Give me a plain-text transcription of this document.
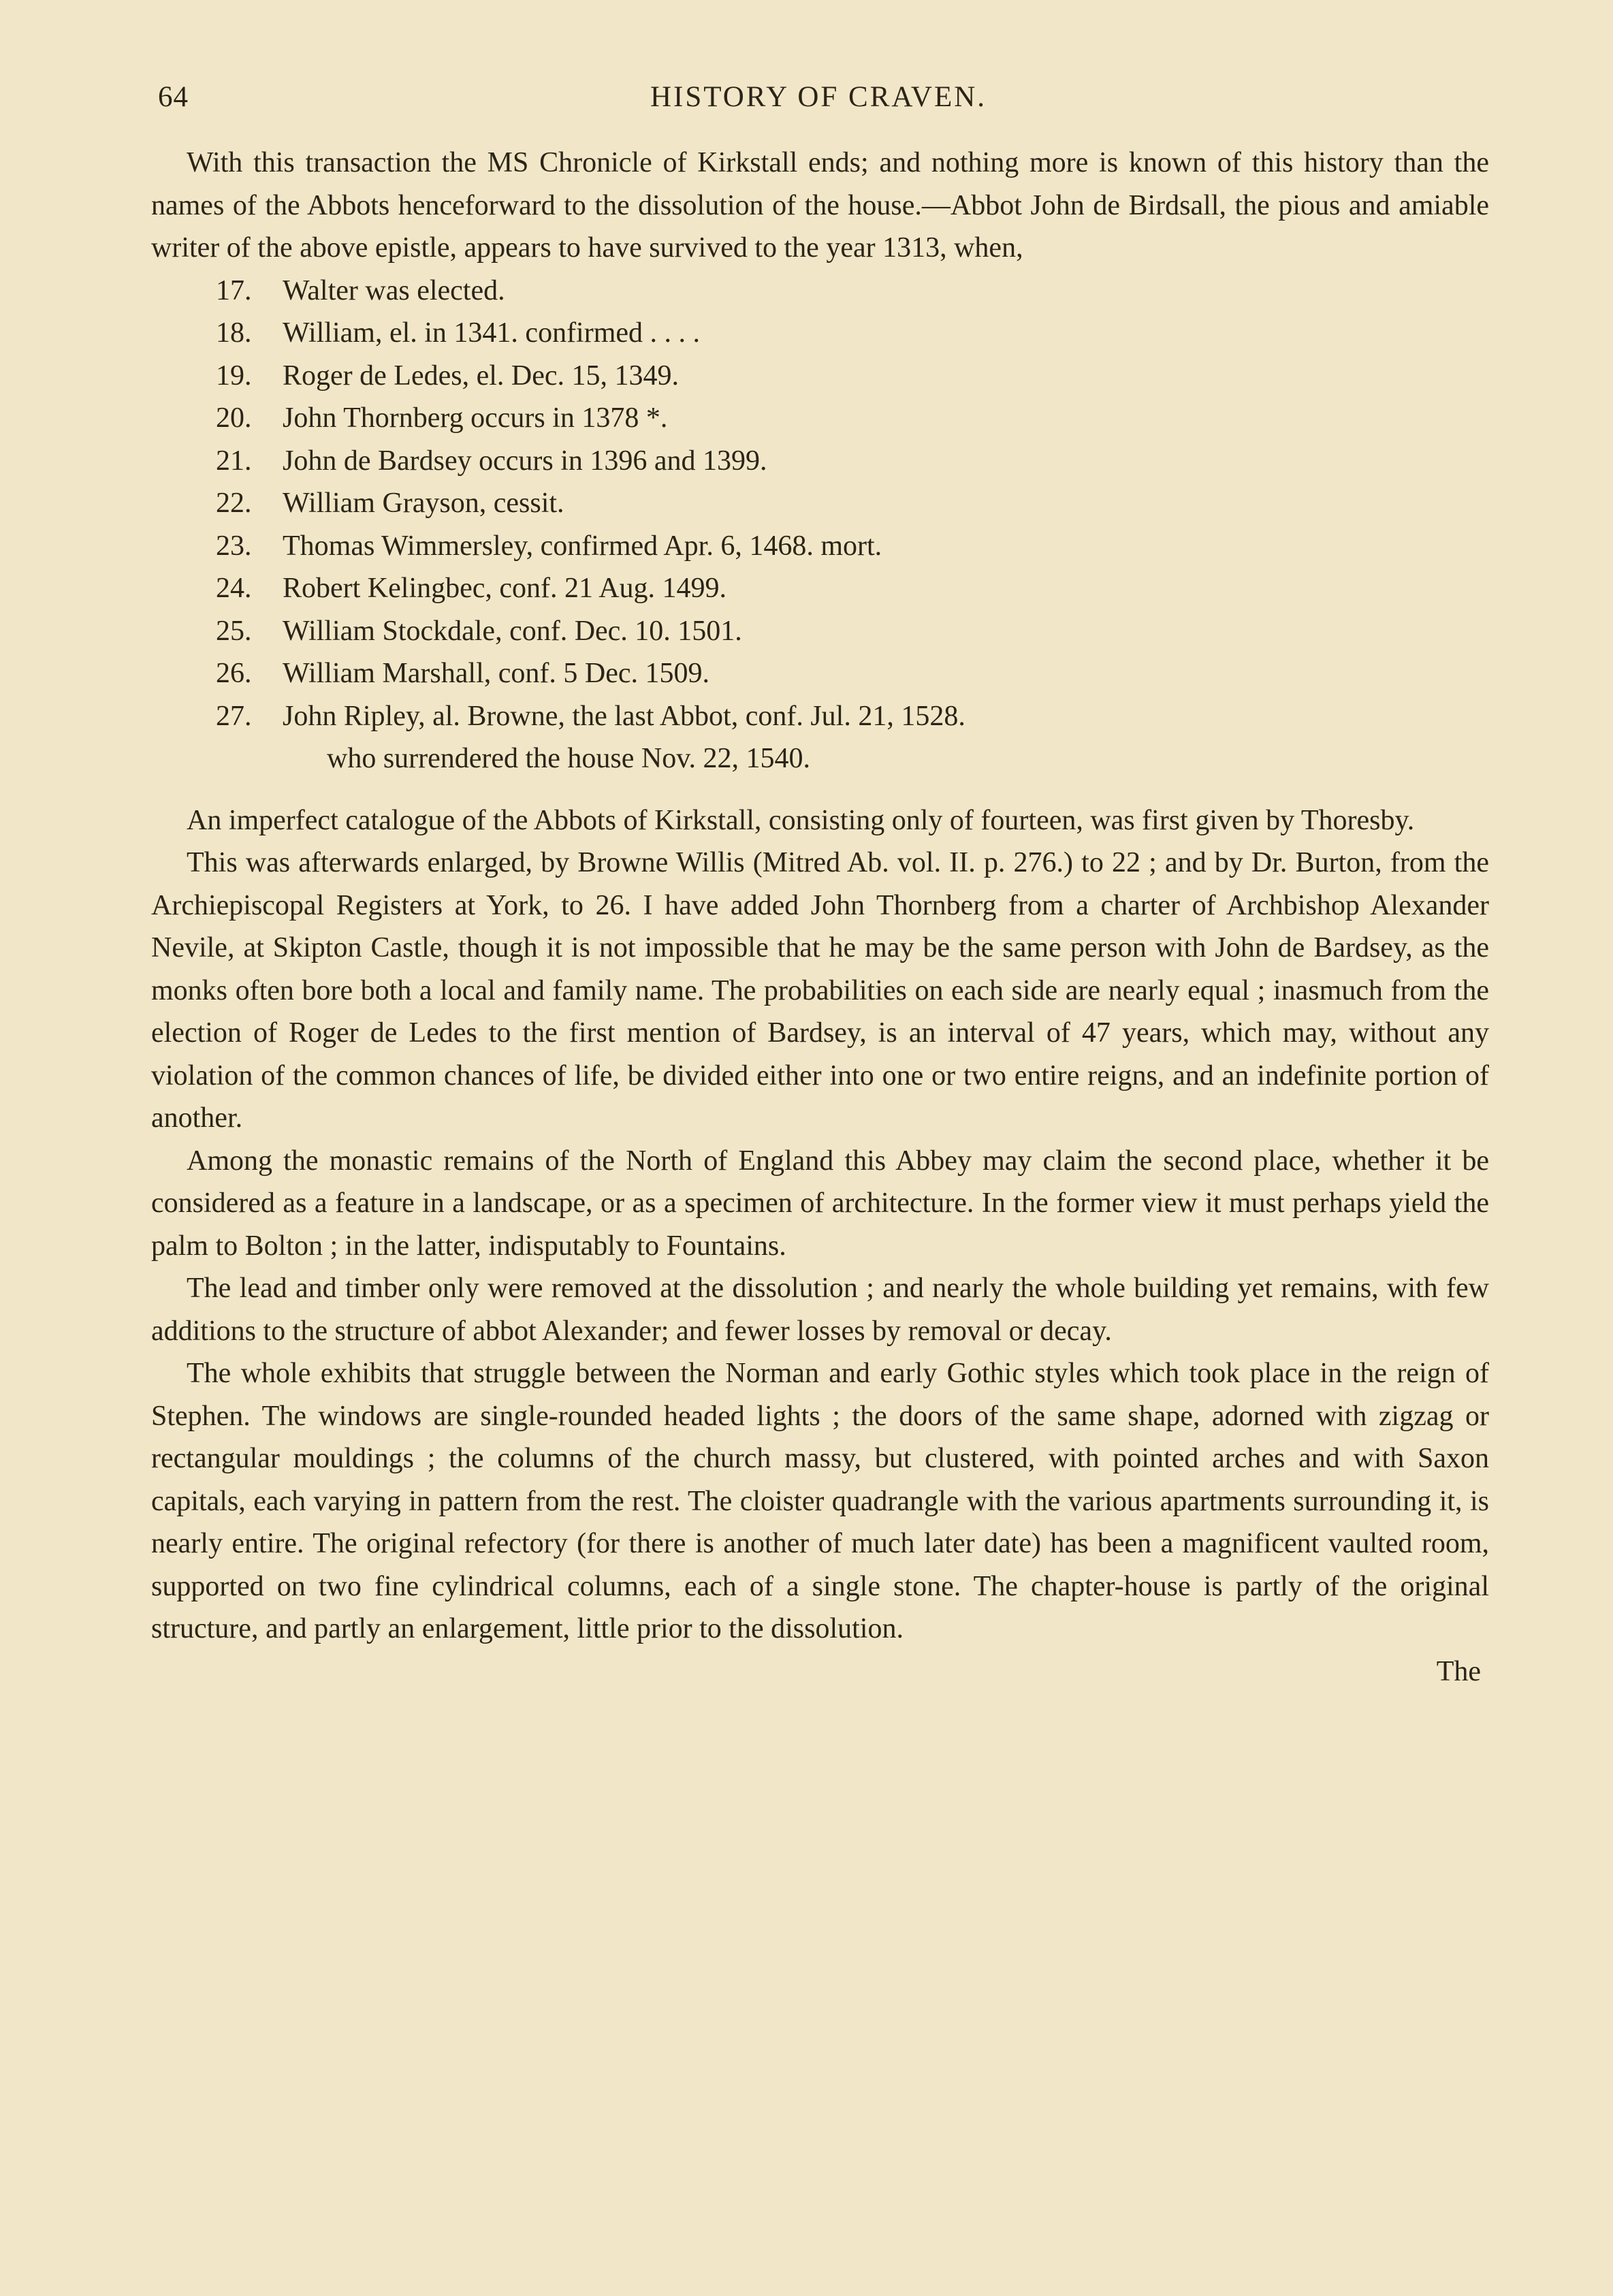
64	HISTORY OF CRAVEN.

With this transaction the MS Chronicle of Kirkstall ends; and nothing more is known of this history than the names of the Abbots henceforward to the dissolution of the house.—Abbot John de Birdsall, the pious and amiable writer of the above epistle, appears to have survived to the year 1313, when,

17.	Walter was elected.
18.	William, el. in 1341. confirmed . . . .
19.	Roger de Ledes, el. Dec. 15, 1349.
20.	John Thornberg occurs in 1378 *.
21.	John de Bardsey occurs in 1396 and 1399.
22.	William Grayson, cessit.
23.	Thomas Wimmersley, confirmed Apr. 6, 1468. mort.
24.	Robert Kelingbec, conf. 21 Aug. 1499.
25.	William Stockdale, conf. Dec. 10. 1501.
26.	William Marshall, conf. 5 Dec. 1509.
27.	John Ripley, al. Browne, the last Abbot, conf. Jul. 21, 1528.

who surrendered the house Nov. 22, 1540.

An imperfect catalogue of the Abbots of Kirkstall, consisting only of fourteen, was first given by Thoresby.

This was afterwards enlarged, by Browne Willis (Mitred Ab. vol. II. p. 276.) to 22 ; and by Dr. Burton, from the Archiepiscopal Registers at York, to 26. I have added John Thornberg from a charter of Archbishop Alexander Nevile, at Skipton Castle, though it is not impossible that he may be the same person with John de Bardsey, as the monks often bore both a local and family name. The probabilities on each side are nearly equal ; inasmuch from the election of Roger de Ledes to the first mention of Bardsey, is an interval of 47 years, which may, without any violation of the common chances of life, be divided either into one or two entire reigns, and an indefinite portion of another.

Among the monastic remains of the North of England this Abbey may claim the second place, whether it be considered as a feature in a landscape, or as a specimen of architecture. In the former view it must perhaps yield the palm to Bolton ; in the latter, indisputably to Fountains.

The lead and timber only were removed at the dissolution ; and nearly the whole building yet remains, with few additions to the structure of abbot Alexander; and fewer losses by removal or decay.

The whole exhibits that struggle between the Norman and early Gothic styles which took place in the reign of Stephen. The windows are single-rounded headed lights ; the doors of the same shape, adorned with zigzag or rectangular mouldings ; the columns of the church massy, but clustered, with pointed arches and with Saxon capitals, each varying in pattern from the rest. The cloister quadrangle with the various apartments surrounding it, is nearly entire. The original refectory (for there is another of much later date) has been a magnificent vaulted room, supported on two fine cylindrical columns, each of a single stone. The chapter-house is partly of the original structure, and partly an enlargement, little prior to the dissolution.

The
